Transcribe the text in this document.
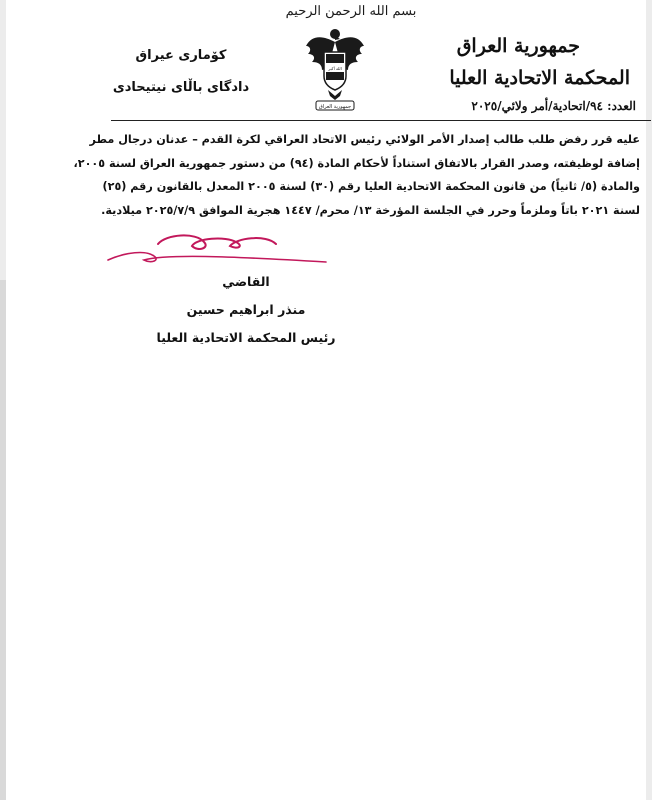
بسم الله الرحمن الرحيم
الله أكبر
جمهورية العراق
جمهورية العراق
المحكمة الاتحادية العليا
العدد: ٩٤/اتحادية/أمر ولائي/٢٠٢٥
كۆماری عیراق
دادگای باڵای نیتیحادی
عليه قرر رفض طلب طالب إصدار الأمر الولائي رئيس الاتحاد العراقي لكرة القدم – عدنان درجال مطر
إضافة لوظيفته، وصدر القرار بالاتفاق استناداً لأحكام المادة (٩٤) من دستور جمهورية العراق لسنة ٢٠٠٥،
والمادة (٥/ ثانياً) من قانون المحكمة الاتحادية العليا رقم (٣٠) لسنة ٢٠٠٥ المعدل بالقانون رقم (٢٥)
لسنة ٢٠٢١ باتاً وملزماً وحرر في الجلسة المؤرخة ١٣/ محرم/ ١٤٤٧ هجرية الموافق ٢٠٢٥/٧/٩ ميلادية.
القاضي
منذر ابراهيم حسين
رئيس المحكمة الاتحادية العليا
